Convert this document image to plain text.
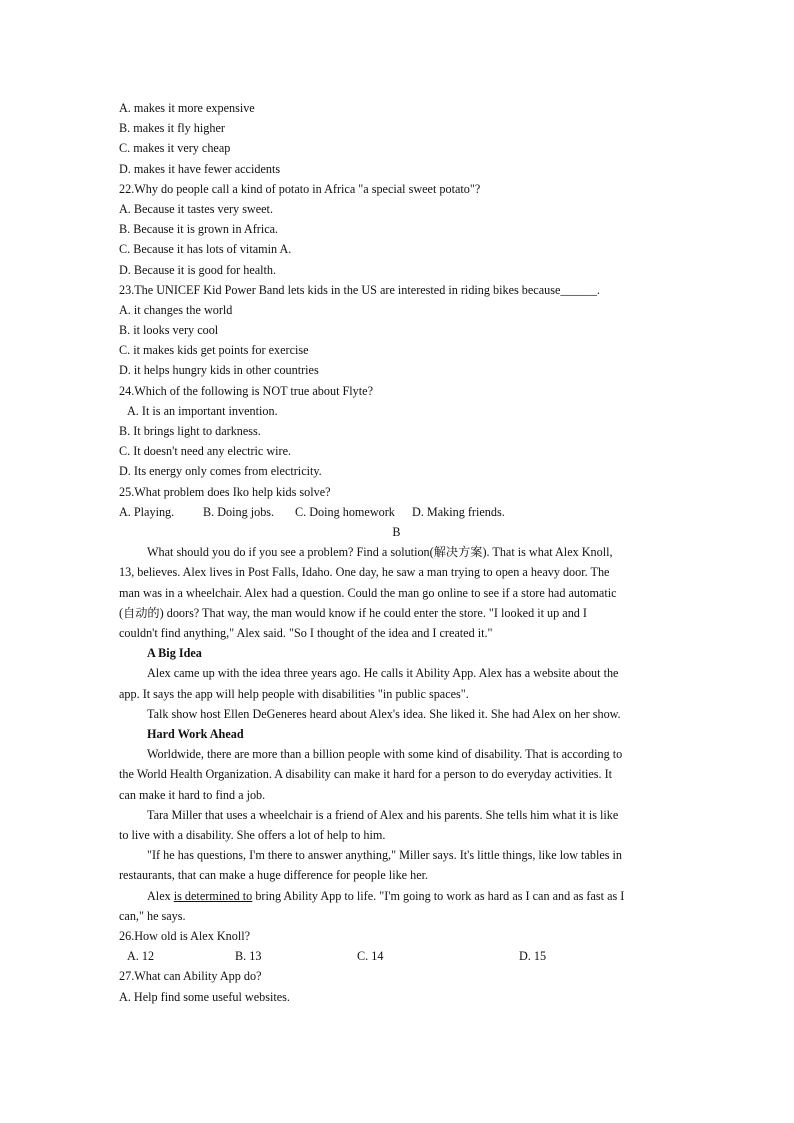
A. makes it more expensive
B. makes it fly higher
C. makes it very cheap
D. makes it have fewer accidents
22.Why do people call a kind of potato in Africa "a special sweet potato"?
A. Because it tastes very sweet.
B. Because it is grown in Africa.
C. Because it has lots of vitamin A.
D. Because it is good for health.
23.The UNICEF Kid Power Band lets kids in the US are interested in riding bikes because______.
A. it changes the world
B. it looks very cool
C. it makes kids get points for exercise
D. it helps hungry kids in other countries
24.Which of the following is NOT true about Flyte?
A. It is an important invention.
B. It brings light to darkness.
C. It doesn't need any electric wire.
D. Its energy only comes from electricity.
25.What problem does Iko help kids solve?
A. Playing.	B. Doing jobs.	C. Doing homework	D. Making friends.
B
What should you do if you see a problem? Find a solution(解决方案). That is what Alex Knoll,
13, believes. Alex lives in Post Falls, Idaho. One day, he saw a man trying to open a heavy door. The
man was in a wheelchair. Alex had a question. Could the man go online to see if a store had automatic
(自动的) doors? That way, the man would know if he could enter the store. "I looked it up and I
couldn't find anything," Alex said. "So I thought of the idea and I created it."
A Big Idea
Alex came up with the idea three years ago. He calls it Ability App. Alex has a website about the
app. It says the app will help people with disabilities "in public spaces".
Talk show host Ellen DeGeneres heard about Alex's idea. She liked it. She had Alex on her show.
Hard Work Ahead
Worldwide, there are more than a billion people with some kind of disability. That is according to
the World Health Organization. A disability can make it hard for a person to do everyday activities. It
can make it hard to find a job.
Tara Miller that uses a wheelchair is a friend of Alex and his parents. She tells him what it is like
to live with a disability. She offers a lot of help to him.
"If he has questions, I'm there to answer anything," Miller says. It's little things, like low tables in
restaurants, that can make a huge difference for people like her.
Alex is determined to bring Ability App to life. "I'm going to work as hard as I can and as fast as I
can," he says.
26.How old is Alex Knoll?
A. 12	B. 13	C. 14	D. 15
27.What can Ability App do?
A. Help find some useful websites.
